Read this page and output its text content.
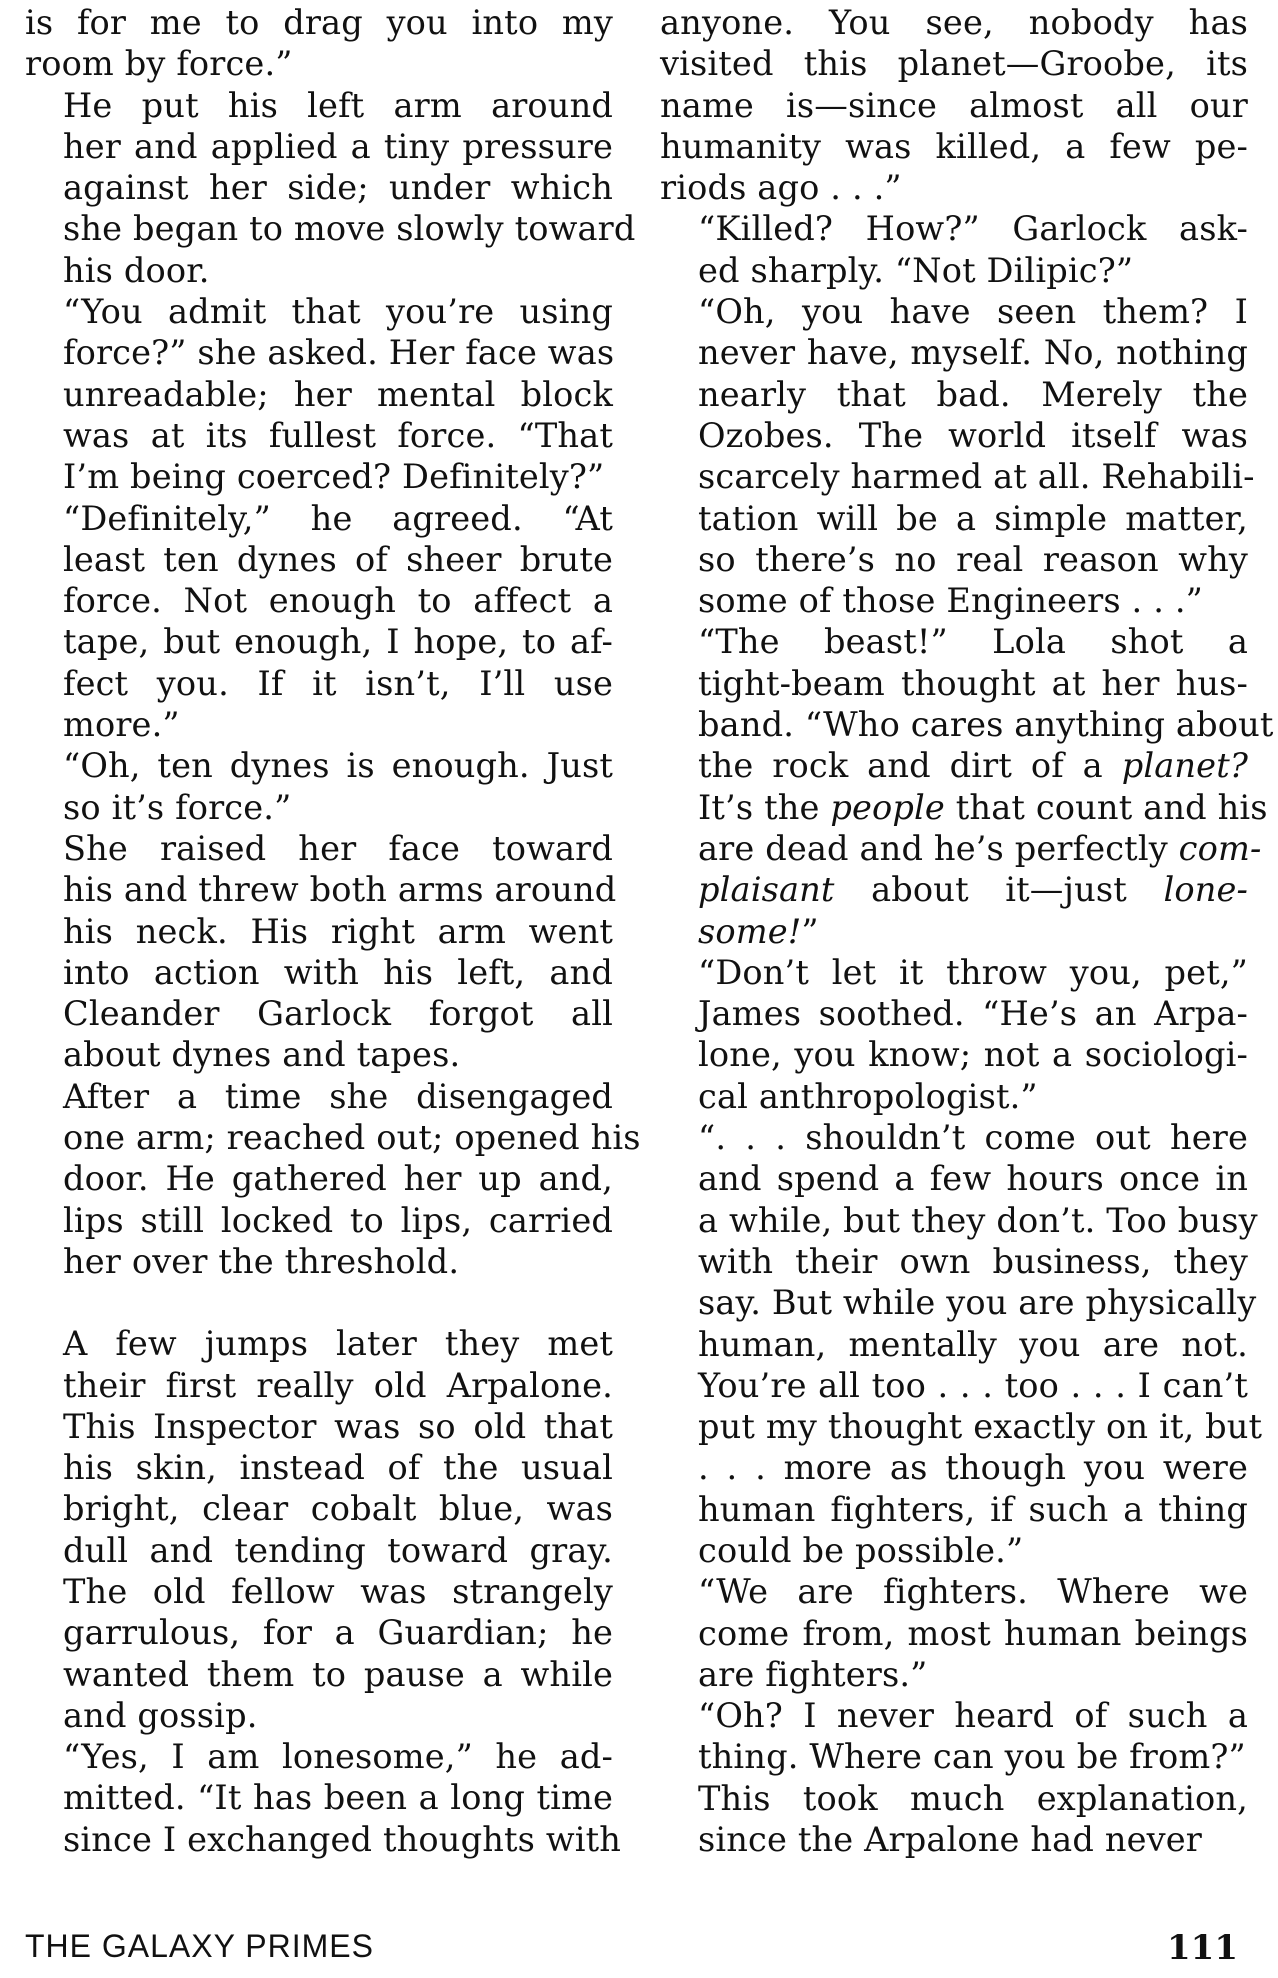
is for me to drag you into my
room by force.”

He put his left arm around
her and applied a tiny pressure
against her side; under which
she began to move slowly toward
his door.

“You admit that you’re using
force?” she asked. Her face was
unreadable; her mental block
was at its fullest force. “That
I’m being coerced? Definitely?”

“Definitely,” he agreed. “At
least ten dynes of sheer brute
force. Not enough to affect a
tape, but enough, I hope, to af-
fect you. If it isn’t, I’ll use
more.”

“Oh, ten dynes is enough. Just
so it’s force.”

She raised her face toward
his and threw both arms around
his neck. His right arm went
into action with his left, and
Cleander Garlock forgot all
about dynes and tapes.

After a time she disengaged
one arm; reached out; opened his
door. He gathered her up and,
lips still locked to lips, carried
her over the threshold.

A few jumps later they met
their first really old Arpalone.
This Inspector was so old that
his skin, instead of the usual
bright, clear cobalt blue, was
dull and tending toward gray.
The old fellow was strangely
garrulous, for a Guardian; he
wanted them to pause a while
and gossip.

“Yes, I am lonesome,” he ad-
mitted. “It has been a long time
since I exchanged thoughts with

anyone. You see, nobody has
visited this planet—Groobe, its
name is—since almost all our
humanity was killed, a few pe-
riods ago . . .”

“Killed? How?” Garlock ask-
ed sharply. “Not Dilipic?”

“Oh, you have seen them? I
never have, myself. No, nothing
nearly that bad. Merely the
Ozobes. The world itself was
scarcely harmed at all. Rehabili-
tation will be a simple matter,
so there’s no real reason why
some of those Engineers . . .”

“The beast!” Lola shot a
tight-beam thought at her hus-
band. “Who cares anything about
the rock and dirt of a planet?
It’s the people that count and his
are dead and he’s perfectly com-
plaisant about it—just lone-
some!”

“Don’t let it throw you, pet,”
James soothed. “He’s an Arpa-
lone, you know; not a sociologi-
cal anthropologist.”

“. . . shouldn’t come out here
and spend a few hours once in
a while, but they don’t. Too busy
with their own business, they
say. But while you are physically
human, mentally you are not.
You’re all too . . . too . . . I can’t
put my thought exactly on it, but
. . . more as though you were
human fighters, if such a thing
could be possible.”

“We are fighters. Where we
come from, most human beings
are fighters.”

“Oh? I never heard of such a
thing. Where can you be from?”

This took much explanation,
since the Arpalone had never

THE GALAXY PRIMES	111
